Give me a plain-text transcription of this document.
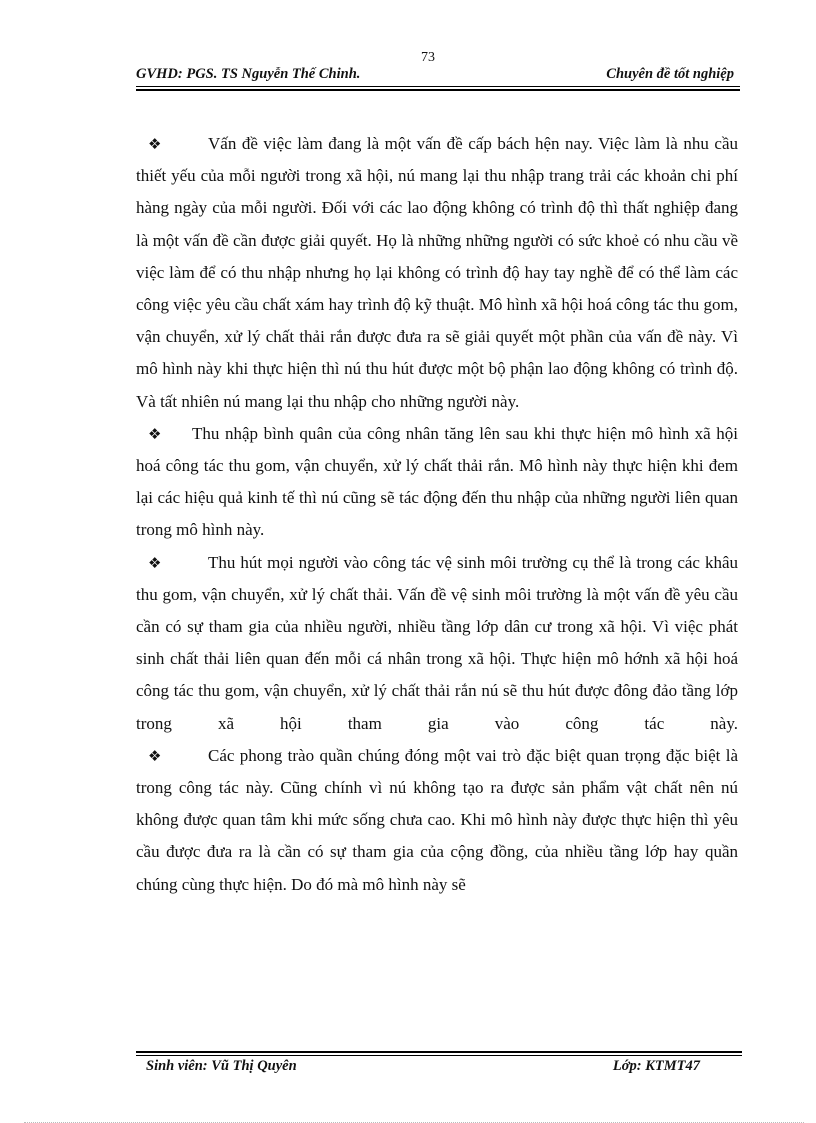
73
GVHD: PGS. TS Nguyễn Thế Chinh.	Chuyên đề tốt nghiệp

❖	Vấn đề việc làm đang là một vấn đề cấp bách hện nay. Việc làm là nhu cầu thiết yếu của mỗi người trong xã hội, nú mang lại thu nhập trang trải các khoản chi phí hàng ngày của mỗi người. Đối với các lao động không có trình độ thì thất nghiệp đang là một vấn đề cần được giải quyết. Họ là những những người có sức khoẻ có nhu cầu về việc làm để có thu nhập nhưng họ lại không có trình độ hay tay nghề để có thể làm các công việc yêu cầu chất xám hay trình độ kỹ thuật. Mô hình xã hội hoá công tác thu gom, vận chuyển, xử lý chất thải rắn được đưa ra sẽ giải quyết một phần của vấn đề này. Vì mô hình này khi thực hiện thì nú thu hút được một bộ phận lao động không có trình độ. Và tất nhiên nú mang lại thu nhập cho những người này.

❖ Thu nhập bình quân của công nhân tăng lên sau khi thực hiện mô hình xã hội hoá công tác thu gom, vận chuyển, xử lý chất thải rắn. Mô hình này thực hiện khi đem lại các hiệu quả kinh tế thì nú cũng sẽ tác động đến thu nhập của những người liên quan trong mô hình này.

❖	Thu hút mọi người vào công tác vệ sinh môi trường cụ thể là trong các khâu thu gom, vận chuyển, xử lý chất thải. Vấn đề vệ sinh môi trường là một vấn đề yêu cầu cần có sự tham gia của nhiều người, nhiều tầng lớp dân cư trong xã hội. Vì việc phát sinh chất thải liên quan đến mỗi cá nhân trong xã hội. Thực hiện mô hớnh xã hội hoá công tác thu gom, vận chuyển, xử lý chất thải rắn nú sẽ thu hút được đông đảo tầng lớp trong xã hội tham gia vào công tác này.

❖	Các phong trào quần chúng đóng một vai trò đặc biệt quan trọng đặc biệt là trong công tác này. Cũng chính vì nú không tạo ra được sản phẩm vật chất nên nú không được quan tâm khi mức sống chưa cao. Khi mô hình này được thực hiện thì yêu cầu được đưa ra là cần có sự tham gia của cộng đồng, của nhiều tầng lớp hay quần chúng cùng thực hiện. Do đó mà mô hình này sẽ

Sinh viên: Vũ Thị Quyên	Lớp: KTMT47
